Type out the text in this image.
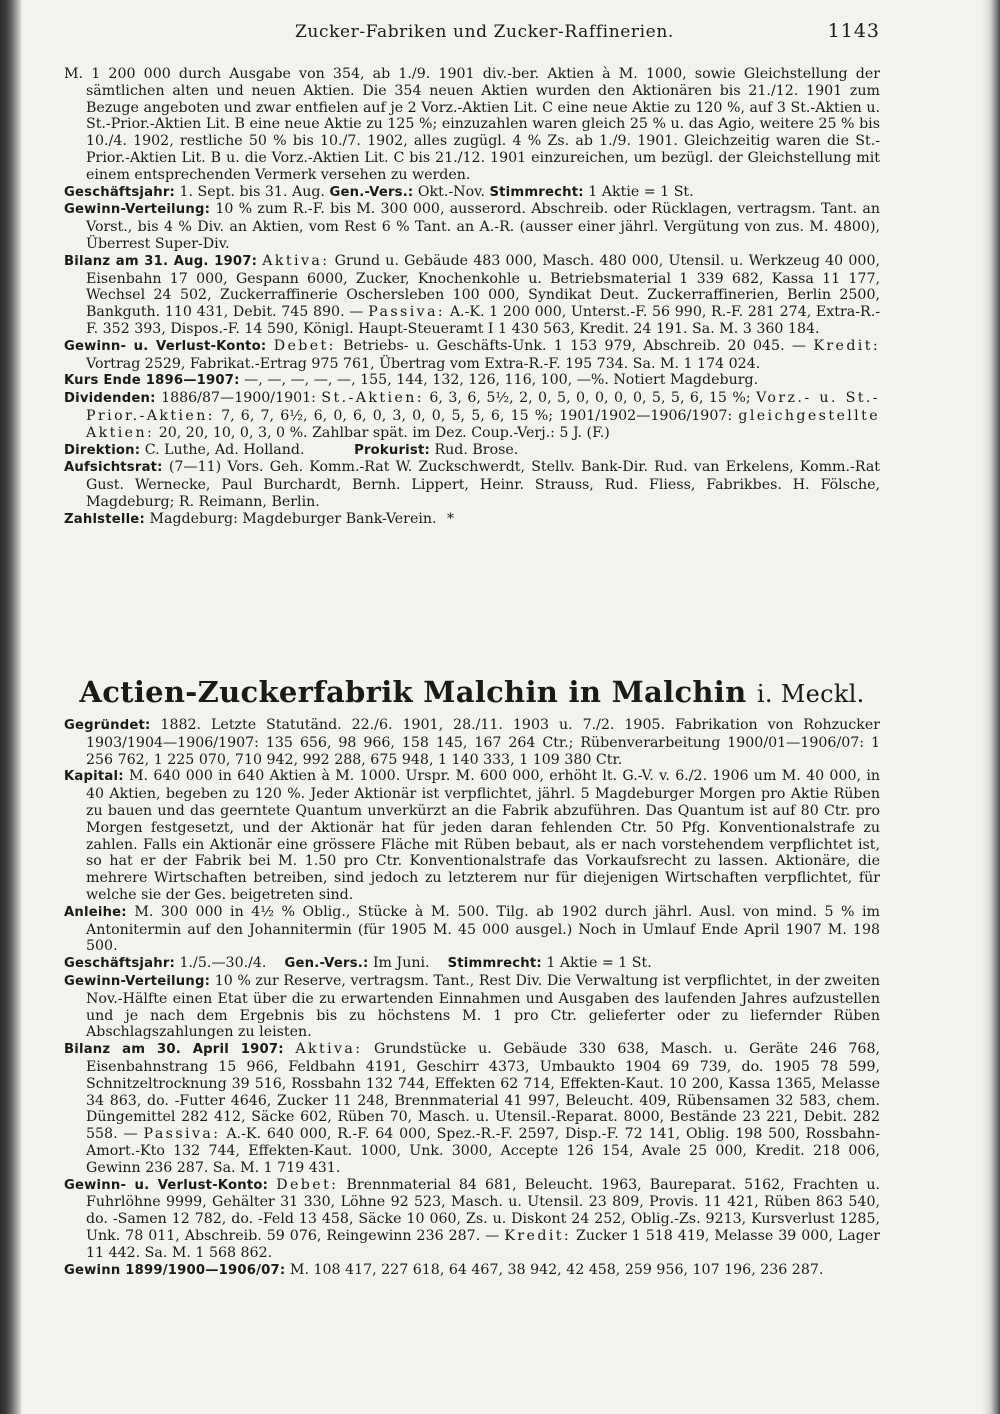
Zucker-Fabriken und Zucker-Raffinerien.	1143

M. 1 200 000 durch Ausgabe von 354, ab 1./9. 1901 div.-ber. Aktien à M. 1000, sowie Gleichstellung der sämtlichen alten und neuen Aktien. Die 354 neuen Aktien wurden den Aktionären bis 21./12. 1901 zum Bezuge angeboten und zwar entfielen auf je 2 Vorz.-Aktien Lit. C eine neue Aktie zu 120 %, auf 3 St.-Aktien u. St.-Prior.-Aktien Lit. B eine neue Aktie zu 125 %; einzuzahlen waren gleich 25 % u. das Agio, weitere 25 % bis 10./4. 1902, restliche 50 % bis 10./7. 1902, alles zugügl. 4 % Zs. ab 1./9. 1901. Gleichzeitig waren die St.-Prior.-Aktien Lit. B u. die Vorz.-Aktien Lit. C bis 21./12. 1901 einzureichen, um bezügl. der Gleichstellung mit einem entsprechenden Vermerk versehen zu werden.

Geschäftsjahr: 1. Sept. bis 31. Aug. Gen.-Vers.: Okt.-Nov. Stimmrecht: 1 Aktie = 1 St.

Gewinn-Verteilung: 10 % zum R.-F. bis M. 300 000, ausserord. Abschreib. oder Rücklagen, vertragsm. Tant. an Vorst., bis 4 % Div. an Aktien, vom Rest 6 % Tant. an A.-R. (ausser einer jährl. Vergütung von zus. M. 4800), Überrest Super-Div.

Bilanz am 31. Aug. 1907: Aktiva: Grund u. Gebäude 483 000, Masch. 480 000, Utensil. u. Werkzeug 40 000, Eisenbahn 17 000, Gespann 6000, Zucker, Knochenkohle u. Betriebsmaterial 1 339 682, Kassa 11 177, Wechsel 24 502, Zuckerraffinerie Oschersleben 100 000, Syndikat Deut. Zuckerraffinerien, Berlin 2500, Bankguth. 110 431, Debit. 745 890. — Passiva: A.-K. 1 200 000, Unterst.-F. 56 990, R.-F. 281 274, Extra-R.-F. 352 393, Dispos.-F. 14 590, Königl. Haupt-Steueramt I 1 430 563, Kredit. 24 191. Sa. M. 3 360 184.

Gewinn- u. Verlust-Konto: Debet: Betriebs- u. Geschäfts-Unk. 1 153 979, Abschreib. 20 045. — Kredit: Vortrag 2529, Fabrikat.-Ertrag 975 761, Übertrag vom Extra-R.-F. 195 734. Sa. M. 1 174 024.

Kurs Ende 1896—1907: —, —, —, —, —, 155, 144, 132, 126, 116, 100, —%. Notiert Magdeburg.

Dividenden: 1886/87—1900/1901: St.-Aktien: 6, 3, 6, 5½, 2, 0, 5, 0, 0, 0, 0, 5, 5, 6, 15 %; Vorz.- u. St.-Prior.-Aktien: 7, 6, 7, 6½, 6, 0, 6, 0, 3, 0, 0, 5, 5, 6, 15 %; 1901/1902—1906/1907: gleichgestellte Aktien: 20, 20, 10, 0, 3, 0 %. Zahlbar spät. im Dez. Coup.-Verj.: 5 J. (F.)

Direktion: C. Luthe, Ad. Holland.	Prokurist: Rud. Brose.

Aufsichtsrat: (7—11) Vors. Geh. Komm.-Rat W. Zuckschwerdt, Stellv. Bank-Dir. Rud. van Erkelens, Komm.-Rat Gust. Wernecke, Paul Burchardt, Bernh. Lippert, Heinr. Strauss, Rud. Fliess, Fabrikbes. H. Fölsche, Magdeburg; R. Reimann, Berlin.

Zahlstelle: Magdeburg: Magdeburger Bank-Verein. *

Actien-Zuckerfabrik Malchin in Malchin i. Meckl.

Gegründet: 1882. Letzte Statutänd. 22./6. 1901, 28./11. 1903 u. 7./2. 1905. Fabrikation von Rohzucker 1903/1904—1906/1907: 135 656, 98 966, 158 145, 167 264 Ctr.; Rübenverarbeitung 1900/01—1906/07: 1 256 762, 1 225 070, 710 942, 992 288, 675 948, 1 140 333, 1 109 380 Ctr.

Kapital: M. 640 000 in 640 Aktien à M. 1000. Urspr. M. 600 000, erhöht lt. G.-V. v. 6./2. 1906 um M. 40 000, in 40 Aktien, begeben zu 120 %. Jeder Aktionär ist verpflichtet, jährl. 5 Magdeburger Morgen pro Aktie Rüben zu bauen und das geerntete Quantum unverkürzt an die Fabrik abzuführen. Das Quantum ist auf 80 Ctr. pro Morgen festgesetzt, und der Aktionär hat für jeden daran fehlenden Ctr. 50 Pfg. Konventionalstrafe zu zahlen. Falls ein Aktionär eine grössere Fläche mit Rüben bebaut, als er nach vorstehendem verpflichtet ist, so hat er der Fabrik bei M. 1.50 pro Ctr. Konventionalstrafe das Vorkaufsrecht zu lassen. Aktionäre, die mehrere Wirtschaften betreiben, sind jedoch zu letzterem nur für diejenigen Wirtschaften verpflichtet, für welche sie der Ges. beigetreten sind.

Anleihe: M. 300 000 in 4½ % Oblig., Stücke à M. 500. Tilg. ab 1902 durch jährl. Ausl. von mind. 5 % im Antonitermin auf den Johannitermin (für 1905 M. 45 000 ausgel.) Noch in Umlauf Ende April 1907 M. 198 500.

Geschäftsjahr: 1./5.—30./4. Gen.-Vers.: Im Juni. Stimmrecht: 1 Aktie = 1 St.

Gewinn-Verteilung: 10 % zur Reserve, vertragsm. Tant., Rest Div. Die Verwaltung ist verpflichtet, in der zweiten Nov.-Hälfte einen Etat über die zu erwartenden Einnahmen und Ausgaben des laufenden Jahres aufzustellen und je nach dem Ergebnis bis zu höchstens M. 1 pro Ctr. gelieferter oder zu liefernder Rüben Abschlagszahlungen zu leisten.

Bilanz am 30. April 1907: Aktiva: Grundstücke u. Gebäude 330 638, Masch. u. Geräte 246 768, Eisenbahnstrang 15 966, Feldbahn 4191, Geschirr 4373, Umbaukto 1904 69 739, do. 1905 78 599, Schnitzeltrocknung 39 516, Rossbahn 132 744, Effekten 62 714, Effekten-Kaut. 10 200, Kassa 1365, Melasse 34 863, do. -Futter 4646, Zucker 11 248, Brennmaterial 41 997, Beleucht. 409, Rübensamen 32 583, chem. Düngemittel 282 412, Säcke 602, Rüben 70, Masch. u. Utensil.-Reparat. 8000, Bestände 23 221, Debit. 282 558. — Passiva: A.-K. 640 000, R.-F. 64 000, Spez.-R.-F. 2597, Disp.-F. 72 141, Oblig. 198 500, Rossbahn-Amort.-Kto 132 744, Effekten-Kaut. 1000, Unk. 3000, Accepte 126 154, Avale 25 000, Kredit. 218 006, Gewinn 236 287. Sa. M. 1 719 431.

Gewinn- u. Verlust-Konto: Debet: Brennmaterial 84 681, Beleucht. 1963, Baureparat. 5162, Frachten u. Fuhrlöhne 9999, Gehälter 31 330, Löhne 92 523, Masch. u. Utensil. 23 809, Provis. 11 421, Rüben 863 540, do. -Samen 12 782, do. -Feld 13 458, Säcke 10 060, Zs. u. Diskont 24 252, Oblig.-Zs. 9213, Kursverlust 1285, Unk. 78 011, Abschreib. 59 076, Reingewinn 236 287. — Kredit: Zucker 1 518 419, Melasse 39 000, Lager 11 442. Sa. M. 1 568 862.

Gewinn 1899/1900—1906/07: M. 108 417, 227 618, 64 467, 38 942, 42 458, 259 956, 107 196, 236 287.
